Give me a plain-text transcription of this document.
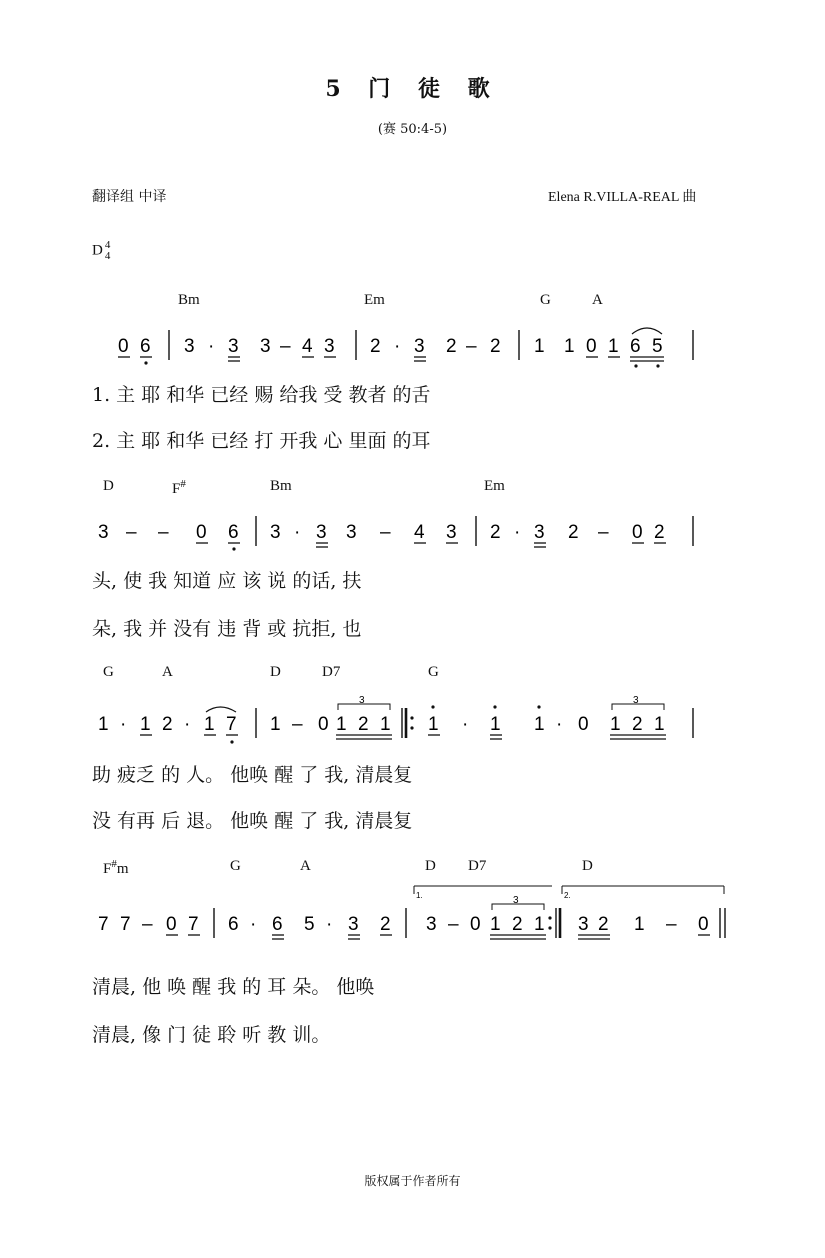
5 门 徒 歌
(赛 50:4-5)
翻译组 中译	Elena R.VILLA-REAL 曲
D 4
4
Bm	Em	G	A
D	F#	Bm	Em
G	A	D	D7	G
F#m	G	A	D D7	D
0 6 3 · 3 3 – 4 3 2 · 3 2 – 2 1 1 0 1 6 5
3 – – 0 6 3 · 3 3 – 4 3 2 · 3 2 – 0 2
1 · 1 2 · 1 7 1 – 0 1 2 1
3
1 · 1 1 · 0 1 2 1
3
1.	2.
7 7 – 0 7 6 · 6 5 · 3 2 3 – 0 1 2 1
3
3 2 1 – 0
1. 主 耶 和华 已经 赐 给我 受 教者 的舌
2. 主 耶 和华 已经 打 开我 心 里面 的耳
头, 使 我 知道 应 该 说 的话, 扶
朵, 我 并 没有 违 背 或 抗拒, 也
助 疲乏 的 人。 他唤 醒 了 我, 清晨复
没 有再 后 退。 他唤 醒 了 我, 清晨复
清晨, 他 唤 醒 我 的 耳 朵。 他唤
清晨, 像 门 徒 聆 听 教 训。
版权属于作者所有
